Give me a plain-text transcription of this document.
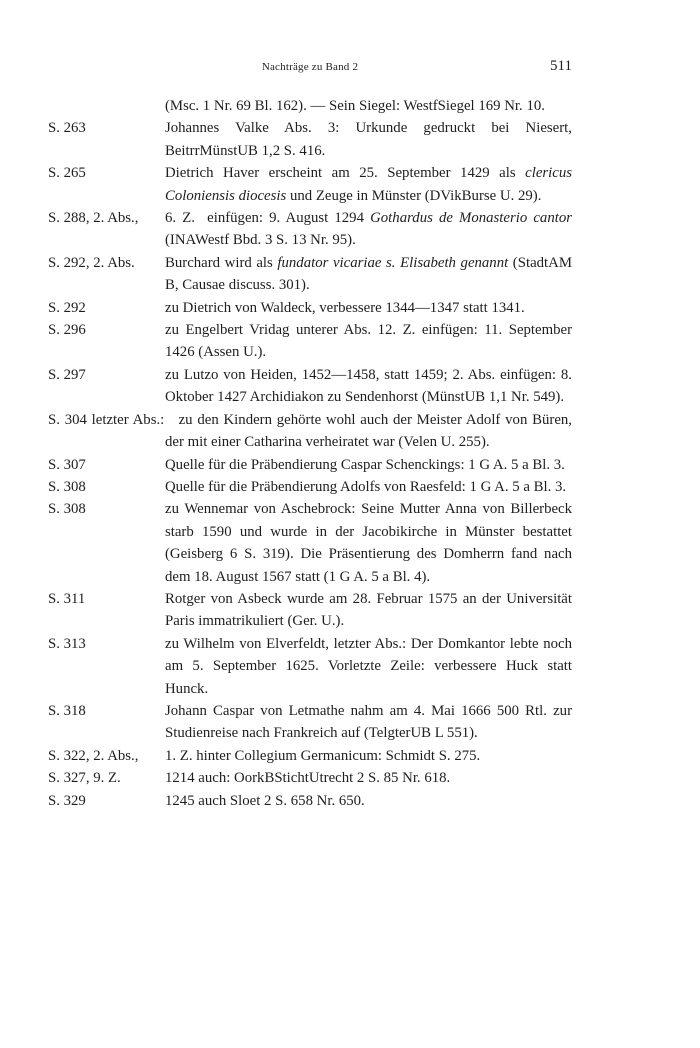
Nachträge zu Band 2	511
(Msc. 1 Nr. 69 Bl. 162). — Sein Siegel: WestfSiegel 169 Nr. 10.
S. 263	Johannes Valke Abs. 3: Urkunde gedruckt bei Niesert, BeitrrMünstUB 1,2 S. 416.
S. 265	Dietrich Haver erscheint am 25. September 1429 als clericus Coloniensis diocesis und Zeuge in Münster (DVikBurse U. 29).
S. 288, 2. Abs.,	6. Z.  einfügen: 9. August 1294 Gothardus de Monasterio cantor (INAWestf Bbd. 3 S. 13 Nr. 95).
S. 292, 2. Abs.	Burchard wird als fundator vicariae s. Elisabeth genannt (StadtAM B, Causae discuss. 301).
S. 292	zu Dietrich von Waldeck, verbessere 1344—1347 statt 1341.
S. 296	zu Engelbert Vridag unterer Abs. 12. Z. einfügen: 11. September 1426 (Assen U.).
S. 297	zu Lutzo von Heiden, 1452—1458, statt 1459; 2. Abs. einfügen: 8. Oktober 1427 Archidiakon zu Sendenhorst (MünstUB 1,1 Nr. 549).
S. 304 letzter Abs.: zu den Kindern gehörte wohl auch der Meister Adolf von Büren, der mit einer Catharina verheiratet war (Velen U. 255).
S. 307	Quelle für die Präbendierung Caspar Schenckings: 1 G A. 5 a Bl. 3.
S. 308	Quelle für die Präbendierung Adolfs von Raesfeld: 1 G A. 5 a Bl. 3.
S. 308	zu Wennemar von Aschebrock: Seine Mutter Anna von Billerbeck starb 1590 und wurde in der Jacobikirche in Münster bestattet (Geisberg 6 S. 319). Die Präsentierung des Domherrn fand nach dem 18. August 1567 statt (1 G A. 5 a Bl. 4).
S. 311	Rotger von Asbeck wurde am 28. Februar 1575 an der Universität Paris immatrikuliert (Ger. U.).
S. 313	zu Wilhelm von Elverfeldt, letzter Abs.: Der Domkantor lebte noch am 5. September 1625. Vorletzte Zeile: verbessere Huck statt Hunck.
S. 318	Johann Caspar von Letmathe nahm am 4. Mai 1666 500 Rtl. zur Studienreise nach Frankreich auf (TelgterUB L 551).
S. 322, 2. Abs.,	1. Z. hinter Collegium Germanicum: Schmidt S. 275.
S. 327, 9. Z.	1214 auch: OorkBStichtUtrecht 2 S. 85 Nr. 618.
S. 329	1245 auch Sloet 2 S. 658 Nr. 650.
